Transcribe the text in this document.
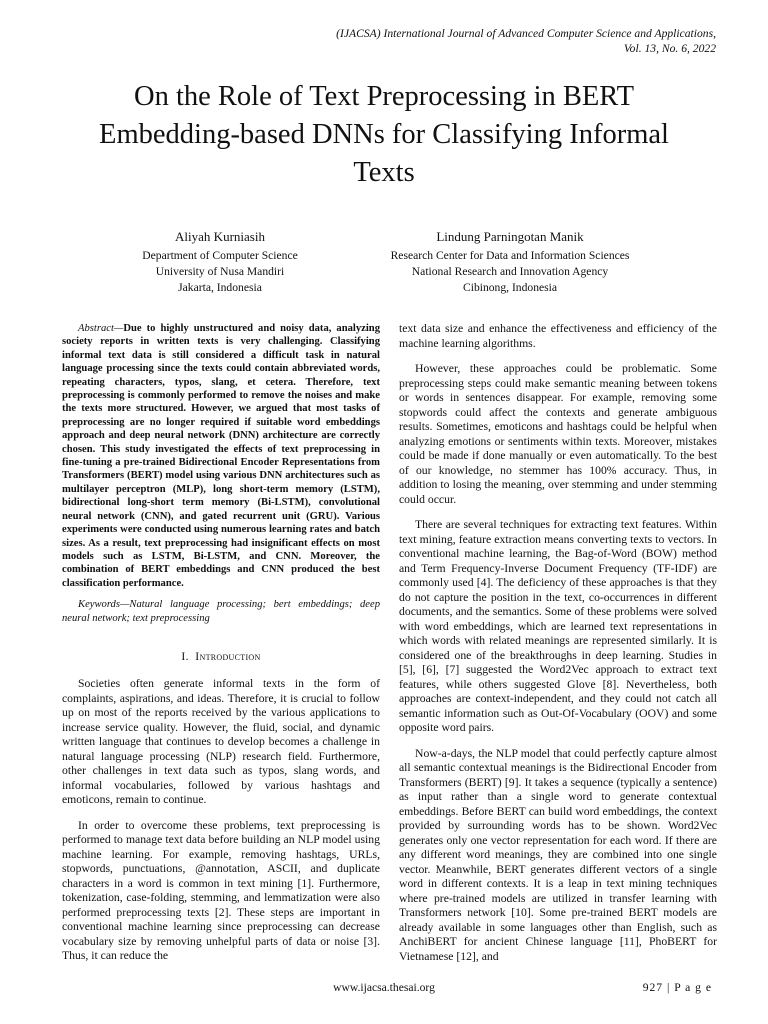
(IJACSA) International Journal of Advanced Computer Science and Applications,
Vol. 13, No. 6, 2022
On the Role of Text Preprocessing in BERT Embedding-based DNNs for Classifying Informal Texts
Aliyah Kurniasih
Department of Computer Science
University of Nusa Mandiri
Jakarta, Indonesia
Lindung Parningotan Manik
Research Center for Data and Information Sciences
National Research and Innovation Agency
Cibinong, Indonesia

Abstract—Due to highly unstructured and noisy data, analyzing society reports in written texts is very challenging. Classifying informal text data is still considered a difficult task in natural language processing since the texts could contain abbreviated words, repeating characters, typos, slang, et cetera. Therefore, text preprocessing is commonly performed to remove the noises and make the texts more structured. However, we argued that most tasks of preprocessing are no longer required if suitable word embeddings approach and deep neural network (DNN) architecture are correctly chosen. This study investigated the effects of text preprocessing in fine-tuning a pre-trained Bidirectional Encoder Representations from Transformers (BERT) model using various DNN architectures such as multilayer perceptron (MLP), long short-term memory (LSTM), bidirectional long-short term memory (Bi-LSTM), convolutional neural network (CNN), and gated recurrent unit (GRU). Various experiments were conducted using numerous learning rates and batch sizes. As a result, text preprocessing had insignificant effects on most models such as LSTM, Bi-LSTM, and CNN. Moreover, the combination of BERT embeddings and CNN produced the best classification performance.

Keywords—Natural language processing; bert embeddings; deep neural network; text preprocessing

I. Introduction

Societies often generate informal texts in the form of complaints, aspirations, and ideas. Therefore, it is crucial to follow up on most of the reports received by the various applications to increase service quality. However, the fluid, social, and dynamic written language that continues to develop becomes a challenge in natural language processing (NLP) research field. Furthermore, other challenges in text data such as typos, slang words, and informal vocabularies, followed by various hashtags and emoticons, remain to continue.

In order to overcome these problems, text preprocessing is performed to manage text data before building an NLP model using machine learning. For example, removing hashtags, URLs, stopwords, punctuations, @annotation, ASCII, and duplicate characters in a word is common in text mining [1]. Furthermore, tokenization, case-folding, stemming, and lemmatization were also performed preprocessing texts [2]. These steps are important in conventional machine learning since preprocessing can decrease vocabulary size by removing unhelpful parts of data or noise [3]. Thus, it can reduce the

text data size and enhance the effectiveness and efficiency of the machine learning algorithms.

However, these approaches could be problematic. Some preprocessing steps could make semantic meaning between tokens or words in sentences disappear. For example, removing some stopwords could affect the contexts and generate ambiguous results. Sometimes, emoticons and hashtags could be helpful when analyzing emotions or sentiments within texts. Moreover, mistakes could be made if done manually or even automatically. To the best of our knowledge, no stemmer has 100% accuracy. Thus, in addition to losing the meaning, over stemming and under stemming could occur.

There are several techniques for extracting text features. Within text mining, feature extraction means converting texts to vectors. In conventional machine learning, the Bag-of-Word (BOW) method and Term Frequency-Inverse Document Frequency (TF-IDF) are commonly used [4]. The deficiency of these approaches is that they do not capture the position in the text, co-occurrences in different documents, and the semantics. Some of these problems were solved with word embeddings, which are learned text representations in which words with related meanings are represented similarly. It is considered one of the breakthroughs in deep learning. Studies in [5], [6], [7] suggested the Word2Vec approach to extract text features, while others suggested Glove [8]. Nevertheless, both approaches are context-independent, and they could not catch all semantic information such as Out-Of-Vocabulary (OOV) and some opposite word pairs.

Now-a-days, the NLP model that could perfectly capture almost all semantic contextual meanings is the Bidirectional Encoder from Transformers (BERT) [9]. It takes a sequence (typically a sentence) as input rather than a single word to generate contextual embeddings. Before BERT can build word embeddings, the context provided by surrounding words has to be shown. Word2Vec generates only one vector representation for each word. If there are any different word meanings, they are combined into one single vector. Meanwhile, BERT generates different vectors of a single word in different contexts. It is a leap in text mining techniques where pre-trained models are utilized in transfer learning with Transformers network [10]. Some pre-trained BERT models are already available in some languages other than English, such as AnchiBERT for ancient Chinese language [11], PhoBERT for Vietnamese [12], and

www.ijacsa.thesai.org	927 | P a g e
